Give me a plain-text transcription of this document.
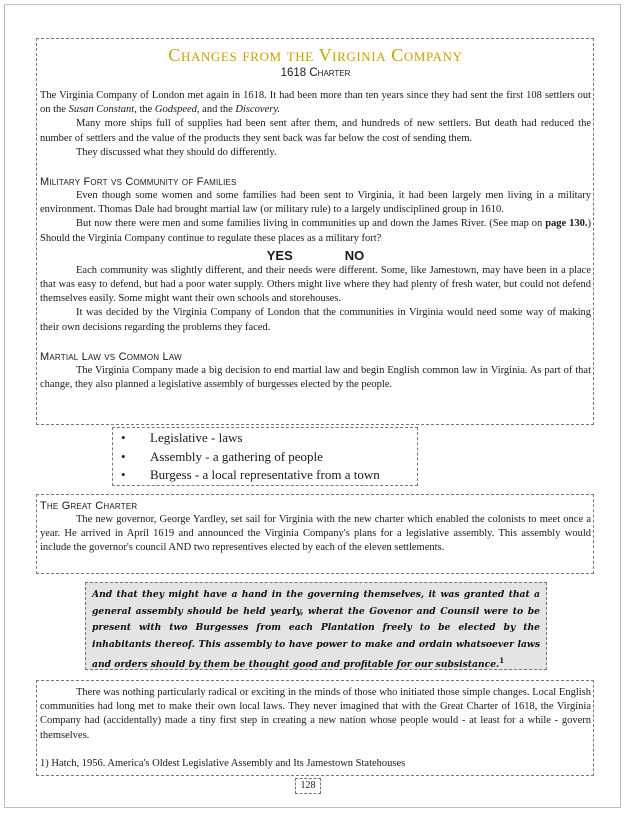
Changes from the Virginia Company
1618 Charter

The Virginia Company of London met again in 1618. It had been more than ten years since they had sent the first 108 settlers out on the Susan Constant, the Godspeed, and the Discovery.

Many more ships full of supplies had been sent after them, and hundreds of new settlers. But death had reduced the number of settlers and the value of the products they sent back was far below the cost of sending them.

They discussed what they should do differently.

Military Fort vs Community of Families

Even though some women and some families had been sent to Virginia, it had been largely men living in a military environment. Thomas Dale had brought martial law (or military rule) to a largely undisciplined group in 1610.

But now there were men and some families living in communities up and down the James River. (See map on page 130.) Should the Virginia Company continue to regulate these places as a military fort?

YES	NO

Each community was slightly different, and their needs were different. Some, like Jamestown, may have been in a place that was easy to defend, but had a poor water supply. Others might live where they had plenty of fresh water, but could not defend themselves easily. Some might want their own schools and storehouses.

It was decided by the Virginia Company of London that the communities in Virginia would need some way of making their own decisions regarding the problems they faced.

Martial Law vs Common Law

The Virginia Company made a big decision to end martial law and begin English common law in Virginia. As part of that change, they also planned a legislative assembly of burgesses elected by the people.

• Legislative - laws
• Assembly - a gathering of people
• Burgess - a local representative from a town
The Great Charter

The new governor, George Yardley, set sail for Virginia with the new charter which enabled the colonists to meet once a year. He arrived in April 1619 and announced the Virginia Company's plans for a legislative assembly. This assembly would include the governor's council AND two representives elected by each of the eleven settlements.

And that they might have a hand in the governing themselves, it was granted that a general assembly should be held yearly, wherat the Govenor and Counsil were to be present with two Burgesses from each Plantation freely to be elected by the inhabitants thereof. This assembly to have power to make and ordain whatsoever laws and orders should by them be thought good and profitable for our subsistance.$^1$

There was nothing particularly radical or exciting in the minds of those who initiated those simple changes. Local English communities had long met to make their own local laws. They never imagined that with the Great Charter of 1618, the Virginia Company had (accidentally) made a tiny first step in creating a new nation whose people would - at least for a while - govern themselves.

1) Hatch, 1956. America's Oldest Legislative Assembly and Its Jamestown Statehouses

128
